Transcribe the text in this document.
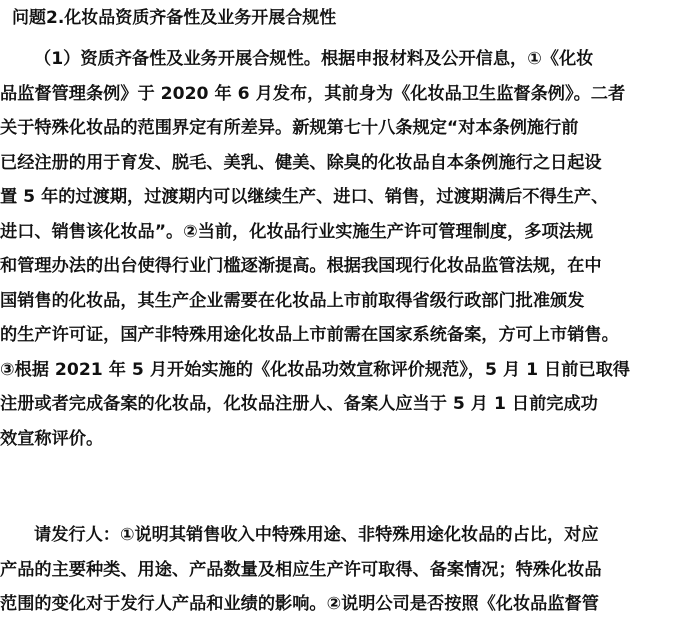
问题2.化妆品资质齐备性及业务开展合规性
（1）资质齐备性及业务开展合规性。根据申报材料及公开信息，①《化妆
品监督管理条例》于 2020 年 6 月发布，其前身为《化妆品卫生监督条例》。二者
关于特殊化妆品的范围界定有所差异。新规第七十八条规定“对本条例施行前
已经注册的用于育发、脱毛、美乳、健美、除臭的化妆品自本条例施行之日起设
置 5 年的过渡期，过渡期内可以继续生产、进口、销售，过渡期满后不得生产、
进口、销售该化妆品”。②当前，化妆品行业实施生产许可管理制度，多项法规
和管理办法的出台使得行业门槛逐渐提高。根据我国现行化妆品监管法规，在中
国销售的化妆品，其生产企业需要在化妆品上市前取得省级行政部门批准颁发
的生产许可证，国产非特殊用途化妆品上市前需在国家系统备案，方可上市销售。
③根据 2021 年 5 月开始实施的《化妆品功效宣称评价规范》，5 月 1 日前已取得
注册或者完成备案的化妆品，化妆品注册人、备案人应当于 5 月 1 日前完成功
效宣称评价。
请发行人：①说明其销售收入中特殊用途、非特殊用途化妆品的占比，对应
产品的主要种类、用途、产品数量及相应生产许可取得、备案情况；特殊化妆品
范围的变化对于发行人产品和业绩的影响。②说明公司是否按照《化妆品监督管
